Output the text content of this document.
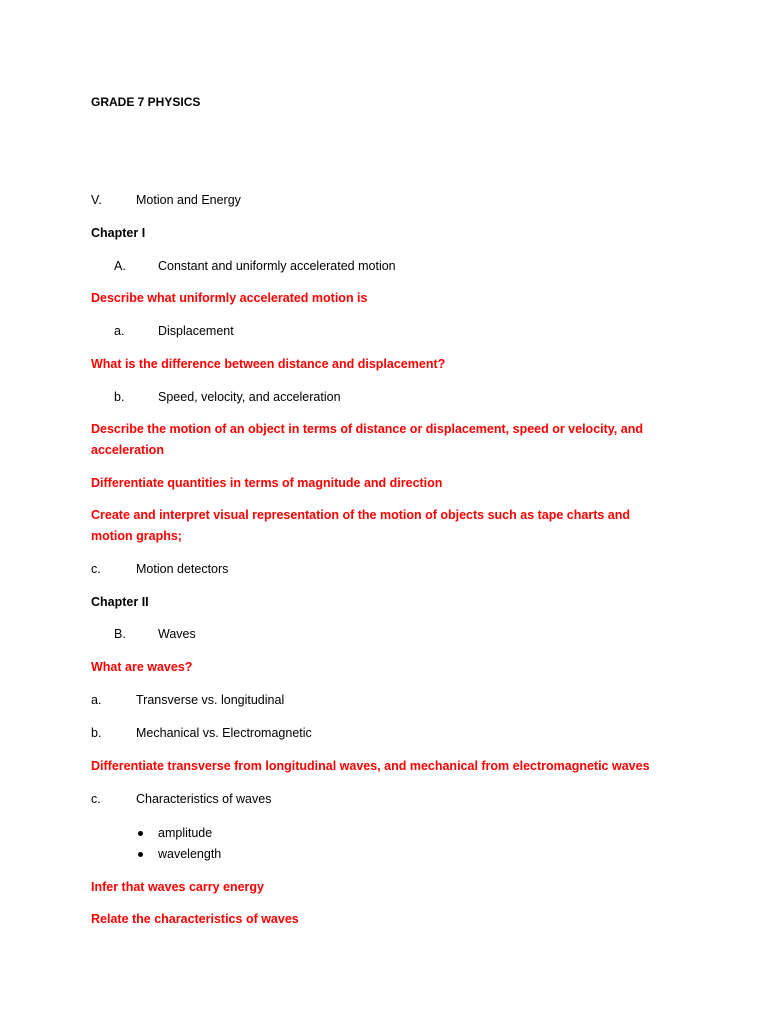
GRADE 7 PHYSICS
V.	Motion and Energy
Chapter I
A.	Constant and uniformly accelerated motion
Describe what uniformly accelerated motion is
a.	Displacement
What is the difference between distance and displacement?
b.	Speed, velocity, and acceleration
Describe the motion of an object in terms of distance or displacement, speed or velocity, and acceleration
Differentiate quantities in terms of magnitude and direction
Create and interpret visual representation of the motion of objects such as tape charts and motion graphs;
c.	Motion detectors
Chapter II
B.	Waves
What are waves?
a.	Transverse vs. longitudinal
b.	Mechanical vs. Electromagnetic
Differentiate transverse from longitudinal waves, and mechanical from electromagnetic waves
c.	Characteristics of waves
amplitude
wavelength
Infer that waves carry energy
Relate the characteristics of waves
